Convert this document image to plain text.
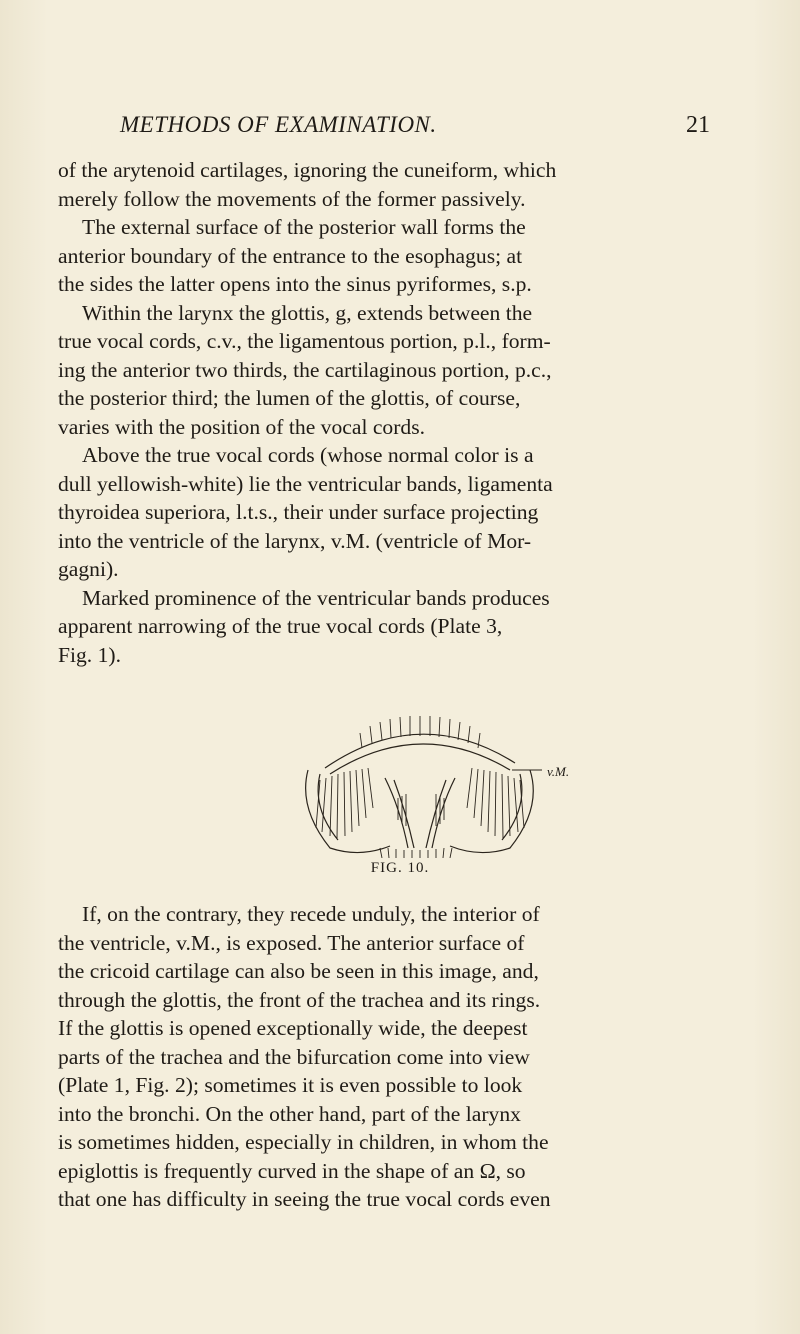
METHODS OF EXAMINATION.	21
of the arytenoid cartilages, ignoring the cuneiform, which
merely follow the movements of the former passively.
The external surface of the posterior wall forms the
anterior boundary of the entrance to the esophagus; at
the sides the latter opens into the sinus pyriformes, s.p.
Within the larynx the glottis, g, extends between the
true vocal cords, c.v., the ligamentous portion, p.l., form-
ing the anterior two thirds, the cartilaginous portion, p.c.,
the posterior third; the lumen of the glottis, of course,
varies with the position of the vocal cords.
Above the true vocal cords (whose normal color is a
dull yellowish-white) lie the ventricular bands, ligamenta
thyroidea superiora, l.t.s., their under surface projecting
into the ventricle of the larynx, v.M. (ventricle of Mor-
gagni).
Marked prominence of the ventricular bands produces
apparent narrowing of the true vocal cords (Plate 3,
Fig. 1).
v.M.
FIG. 10.
If, on the contrary, they recede unduly, the interior of
the ventricle, v.M., is exposed. The anterior surface of
the cricoid cartilage can also be seen in this image, and,
through the glottis, the front of the trachea and its rings.
If the glottis is opened exceptionally wide, the deepest
parts of the trachea and the bifurcation come into view
(Plate 1, Fig. 2); sometimes it is even possible to look
into the bronchi. On the other hand, part of the larynx
is sometimes hidden, especially in children, in whom the
epiglottis is frequently curved in the shape of an Ω, so
that one has difficulty in seeing the true vocal cords even
